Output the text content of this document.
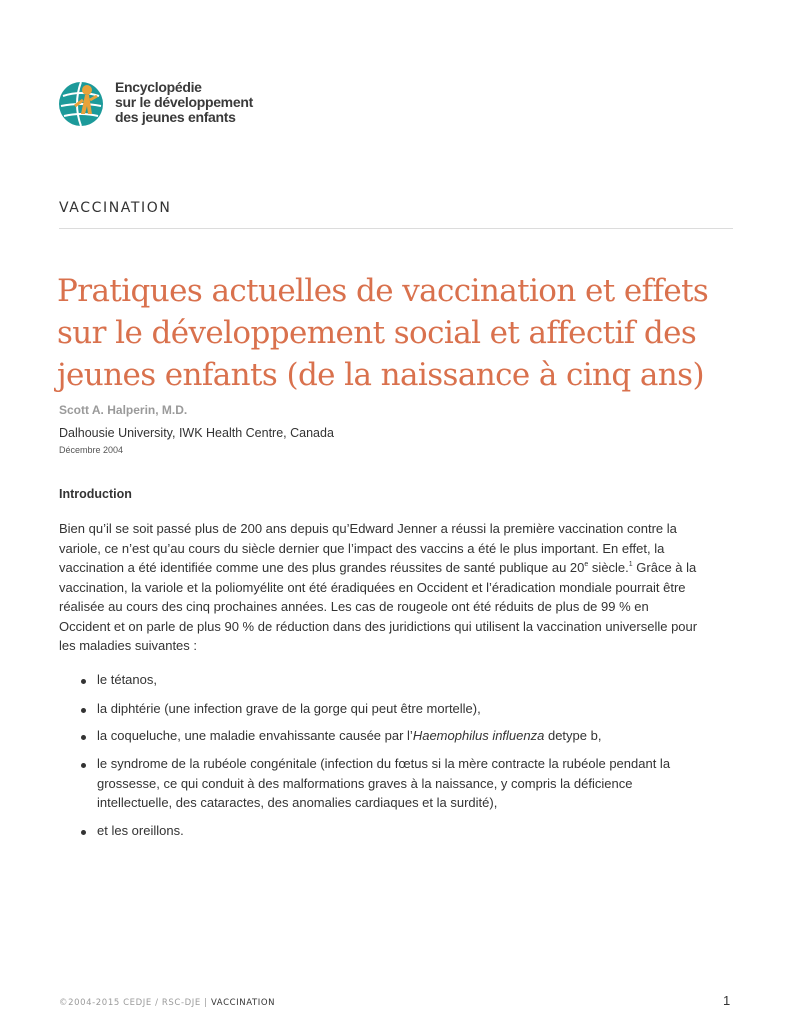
Encyclopédie
sur le développement
des jeunes enfants
VACCINATION
Pratiques actuelles de vaccination et effets
sur le développement social et affectif des
jeunes enfants (de la naissance à cinq ans)
Scott A. Halperin, M.D.
Dalhousie University, IWK Health Centre, Canada
Décembre 2004
Introduction
Bien qu’il se soit passé plus de 200 ans depuis qu’Edward Jenner a réussi la première vaccination contre la
variole, ce n’est qu’au cours du siècle dernier que l’impact des vaccins a été le plus important. En effet, la
vaccination a été identifiée comme une des plus grandes réussites de santé publique au 20e siècle.$^1$ Grâce à la
vaccination, la variole et la poliomyélite ont été éradiquées en Occident et l’éradication mondiale pourrait être
réalisée au cours des cinq prochaines années. Les cas de rougeole ont été réduits de plus de 99 % en
Occident et on parle de plus 90 % de réduction dans des juridictions qui utilisent la vaccination universelle pour
les maladies suivantes :
le tétanos,
la diphtérie (une infection grave de la gorge qui peut être mortelle),
la coqueluche, une maladie envahissante causée par l’Haemophilus influenza detype b,
le syndrome de la rubéole congénitale (infection du fœtus si la mère contracte la rubéole pendant la
grossesse, ce qui conduit à des malformations graves à la naissance, y compris la déficience
intellectuelle, des cataractes, des anomalies cardiaques et la surdité),
et les oreillons.
©2004-2015 CEDJE / RSC-DJE | VACCINATION	1
